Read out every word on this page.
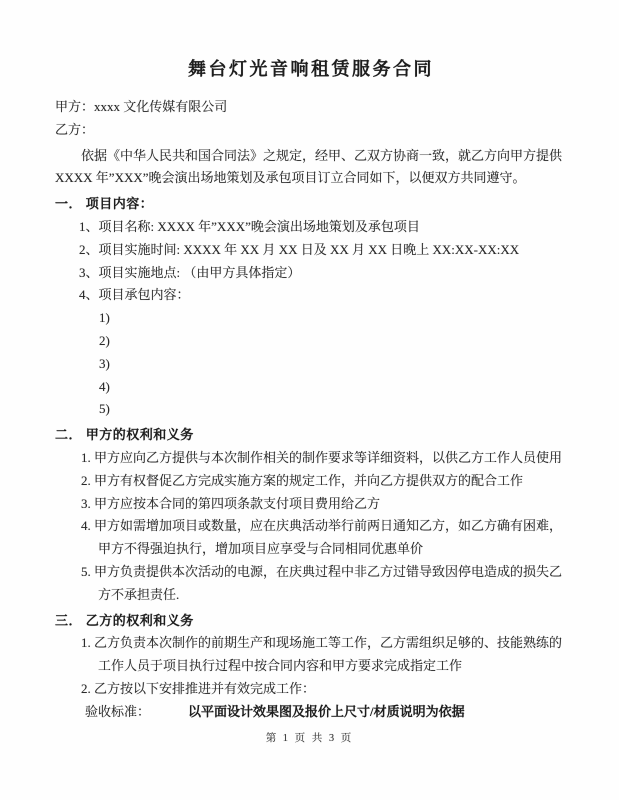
舞台灯光音响租赁服务合同

甲方：xxxx 文化传媒有限公司

乙方：

依据《中华人民共和国合同法》之规定，经甲、乙双方协商一致，就乙方向甲方提供 XXXX 年”XXX”晚会演出场地策划及承包项目订立合同如下，以便双方共同遵守。

一． 项目内容：

1、项目名称: XXXX 年”XXX”晚会演出场地策划及承包项目

2、项目实施时间: XXXX 年 XX 月 XX 日及 XX 月 XX 日晚上 XX:XX-XX:XX

3、项目实施地点: （由甲方具体指定）

4、项目承包内容：

1)

2)

3)

4)

5)

二． 甲方的权利和义务

1. 甲方应向乙方提供与本次制作相关的制作要求等详细资料，以供乙方工作人员使用

2. 甲方有权督促乙方完成实施方案的规定工作，并向乙方提供双方的配合工作

3. 甲方应按本合同的第四项条款支付项目费用给乙方

4. 甲方如需增加项目或数量，应在庆典活动举行前两日通知乙方，如乙方确有困难，甲方不得强迫执行，增加项目应享受与合同相同优惠单价

5. 甲方负责提供本次活动的电源，在庆典过程中非乙方过错导致因停电造成的损失乙方不承担责任.

三． 乙方的权利和义务

1. 乙方负责本次制作的前期生产和现场施工等工作，乙方需组织足够的、技能熟练的工作人员于项目执行过程中按合同内容和甲方要求完成指定工作

2. 乙方按以下安排推进并有效完成工作：

验收标准：	以平面设计效果图及报价上尺寸/材质说明为依据

第 1 页 共 3 页
